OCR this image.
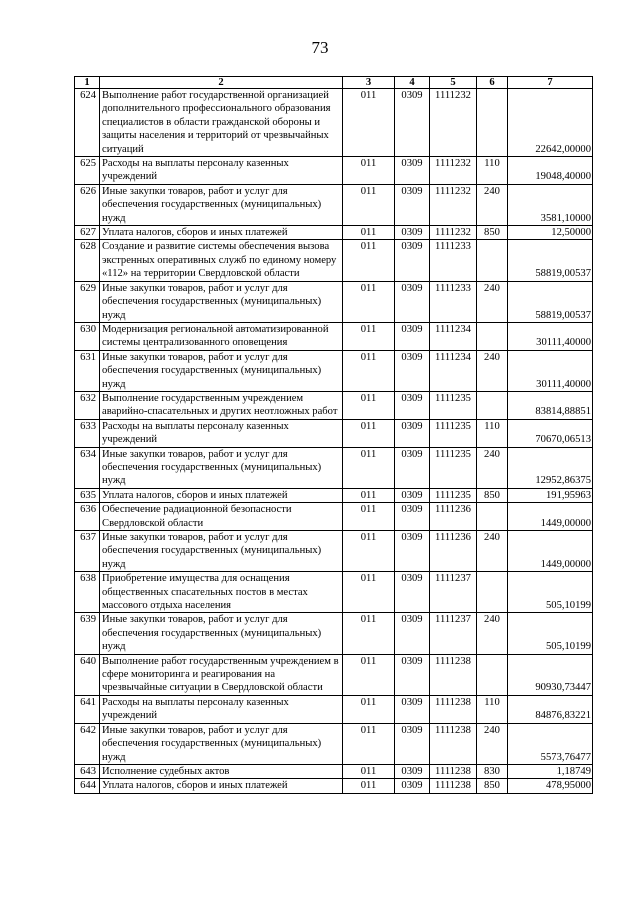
73
1	2	3	4	5	6	7
624	Выполнение работ государственной организацией дополнительного профессионального образования специалистов в области гражданской обороны и защиты населения и территорий от чрезвычайных ситуаций	011	0309	1111232		22642,00000
625	Расходы на выплаты персоналу казенных учреждений	011	0309	1111232	110	19048,40000
626	Иные закупки товаров, работ и услуг для обеспечения государственных (муниципальных) нужд	011	0309	1111232	240	3581,10000
627	Уплата налогов, сборов и иных платежей	011	0309	1111232	850	12,50000
628	Создание и развитие системы обеспечения вызова экстренных оперативных служб по единому номеру «112» на территории Свердловской области	011	0309	1111233		58819,00537
629	Иные закупки товаров, работ и услуг для обеспечения государственных (муниципальных) нужд	011	0309	1111233	240	58819,00537
630	Модернизация региональной автоматизированной системы централизованного оповещения	011	0309	1111234		30111,40000
631	Иные закупки товаров, работ и услуг для обеспечения государственных (муниципальных) нужд	011	0309	1111234	240	30111,40000
632	Выполнение государственным учреждением аварийно-спасательных и других неотложных работ	011	0309	1111235		83814,88851
633	Расходы на выплаты персоналу казенных учреждений	011	0309	1111235	110	70670,06513
634	Иные закупки товаров, работ и услуг для обеспечения государственных (муниципальных) нужд	011	0309	1111235	240	12952,86375
635	Уплата налогов, сборов и иных платежей	011	0309	1111235	850	191,95963
636	Обеспечение радиационной безопасности Свердловской области	011	0309	1111236		1449,00000
637	Иные закупки товаров, работ и услуг для обеспечения государственных (муниципальных) нужд	011	0309	1111236	240	1449,00000
638	Приобретение имущества для оснащения общественных спасательных постов в местах массового отдыха населения	011	0309	1111237		505,10199
639	Иные закупки товаров, работ и услуг для обеспечения государственных (муниципальных) нужд	011	0309	1111237	240	505,10199
640	Выполнение работ государственным учреждением в сфере мониторинга и реагирования на чрезвычайные ситуации в Свердловской области	011	0309	1111238		90930,73447
641	Расходы на выплаты персоналу казенных учреждений	011	0309	1111238	110	84876,83221
642	Иные закупки товаров, работ и услуг для обеспечения государственных (муниципальных) нужд	011	0309	1111238	240	5573,76477
643	Исполнение судебных актов	011	0309	1111238	830	1,18749
644	Уплата налогов, сборов и иных платежей	011	0309	1111238	850	478,95000
